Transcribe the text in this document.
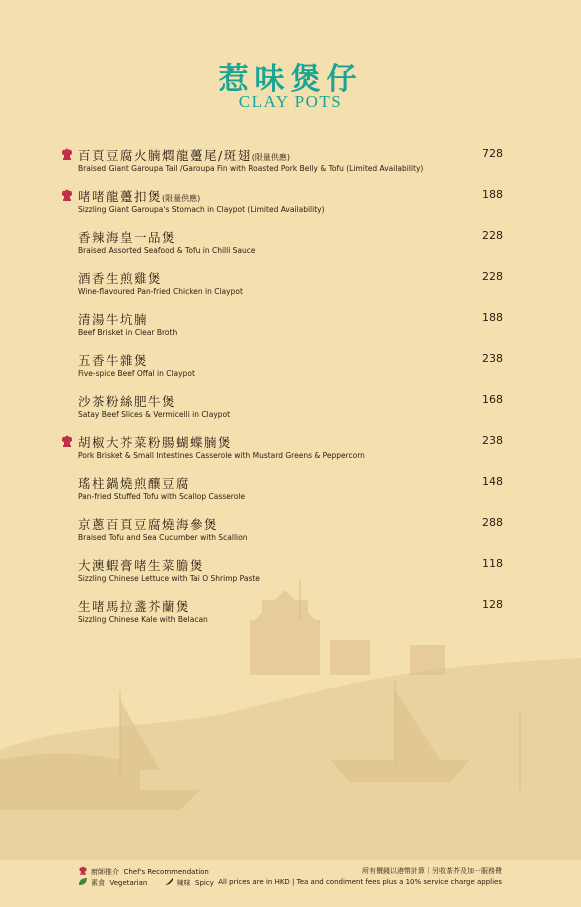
惹味煲仔
CLAY POTS
百頁豆腐火腩燜龍躉尾/斑翅(限量供應)
Braised Giant Garoupa Tail /Garoupa Fin with Roasted Pork Belly & Tofu (Limited Availability)
728
啫啫龍躉扣煲(限量供應)
Sizzling Giant Garoupa's Stomach in Claypot (Limited Availability)
188
香辣海皇一品煲
Braised Assorted Seafood & Tofu in Chilli Sauce
228
酒香生煎雞煲
Wine-flavoured Pan-fried Chicken in Claypot
228
清湯牛坑腩
Beef Brisket in Clear Broth
188
五香牛雜煲
Five-spice Beef Offal in Claypot
238
沙茶粉絲肥牛煲
Satay Beef Slices & Vermicelli in Claypot
168
胡椒大芥菜粉腸蝴蝶腩煲
Pork Brisket & Small Intestines Casserole with Mustard Greens & Peppercorn
238
瑤柱鍋燒煎釀豆腐
Pan-fried Stuffed Tofu with Scallop Casserole
148
京蔥百頁豆腐燒海參煲
Braised Tofu and Sea Cucumber with Scallion
288
大澳蝦膏啫生菜膽煲
Sizzling Chinese Lettuce with Tai O Shrimp Paste
118
生啫馬拉盞芥蘭煲
Sizzling Chinese Kale with Belacan
128
廚師推介 Chef's Recommendation
素食 Vegetarian	辣味 Spicy
所有價錢以港幣計算｜另收茶芥及加一服務費
All prices are in HKD | Tea and condiment fees plus a 10% service charge applies
